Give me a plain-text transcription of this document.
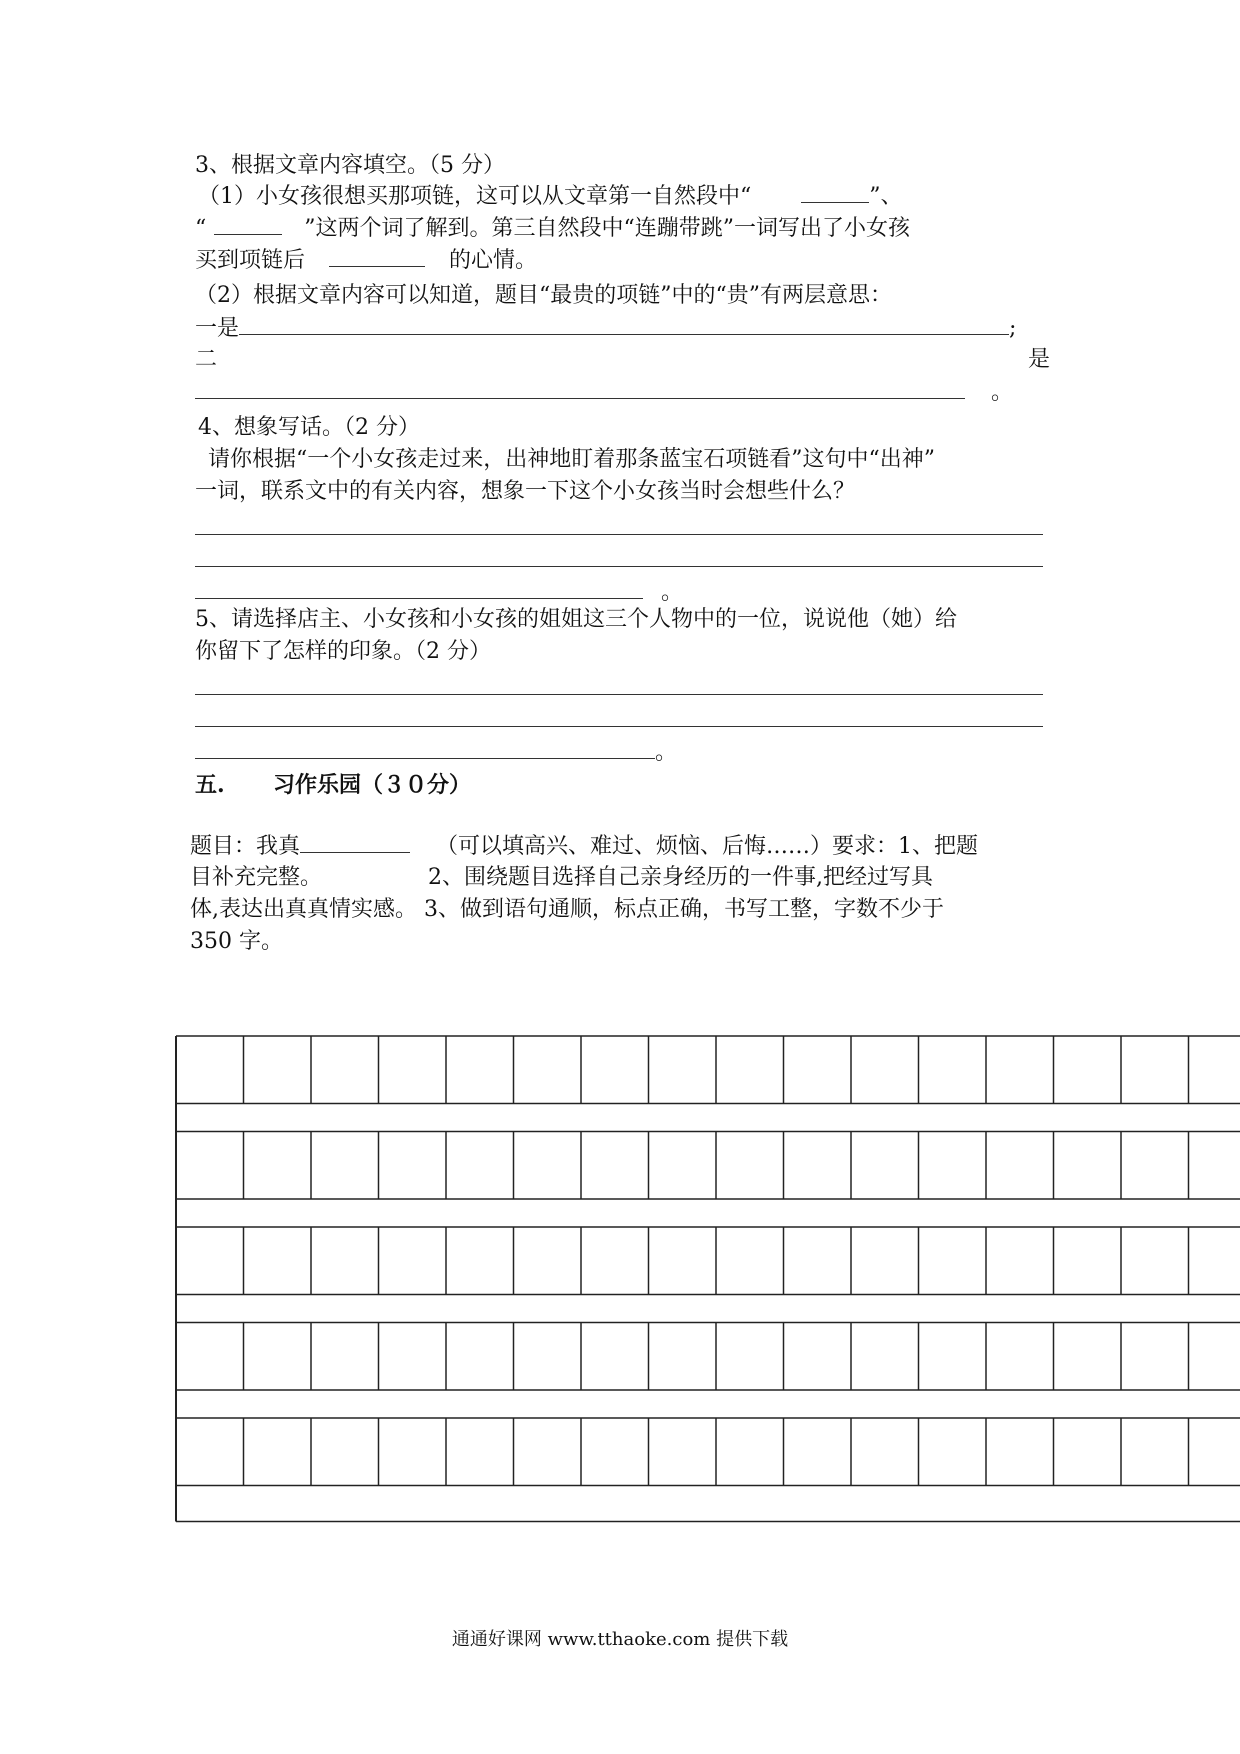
3、根据文章内容填空。（5 分）
（1）小女孩很想买那项链，这可以从文章第一自然段中“	”、
“	”这两个词了解到。第三自然段中“连蹦带跳”一词写出了小女孩
买到项链后	的心情。
（2）根据文章内容可以知道，题目“最贵的项链”中的“贵”有两层意思：
一是	;
二	是
。
4、想象写话。（2 分）
请你根据“一个小女孩走过来，出神地盯着那条蓝宝石项链看”这句中“出神”
一词，联系文中的有关内容，想象一下这个小女孩当时会想些什么？
。
5、请选择店主、小女孩和小女孩的姐姐这三个人物中的一位，说说他（她）给
你留下了怎样的印象。（2 分）
。
五. 习作乐园（３０分）
题目：我真	（可以填高兴、难过、烦恼、后悔……）要求：1、把题
目补充完整。	2、围绕题目选择自己亲身经历的一件事,把经过写具
体,表达出真真情实感。 3、做到语句通顺，标点正确，书写工整，字数不少于
350 字。
通通好课网 www.tthaoke.com 提供下载
